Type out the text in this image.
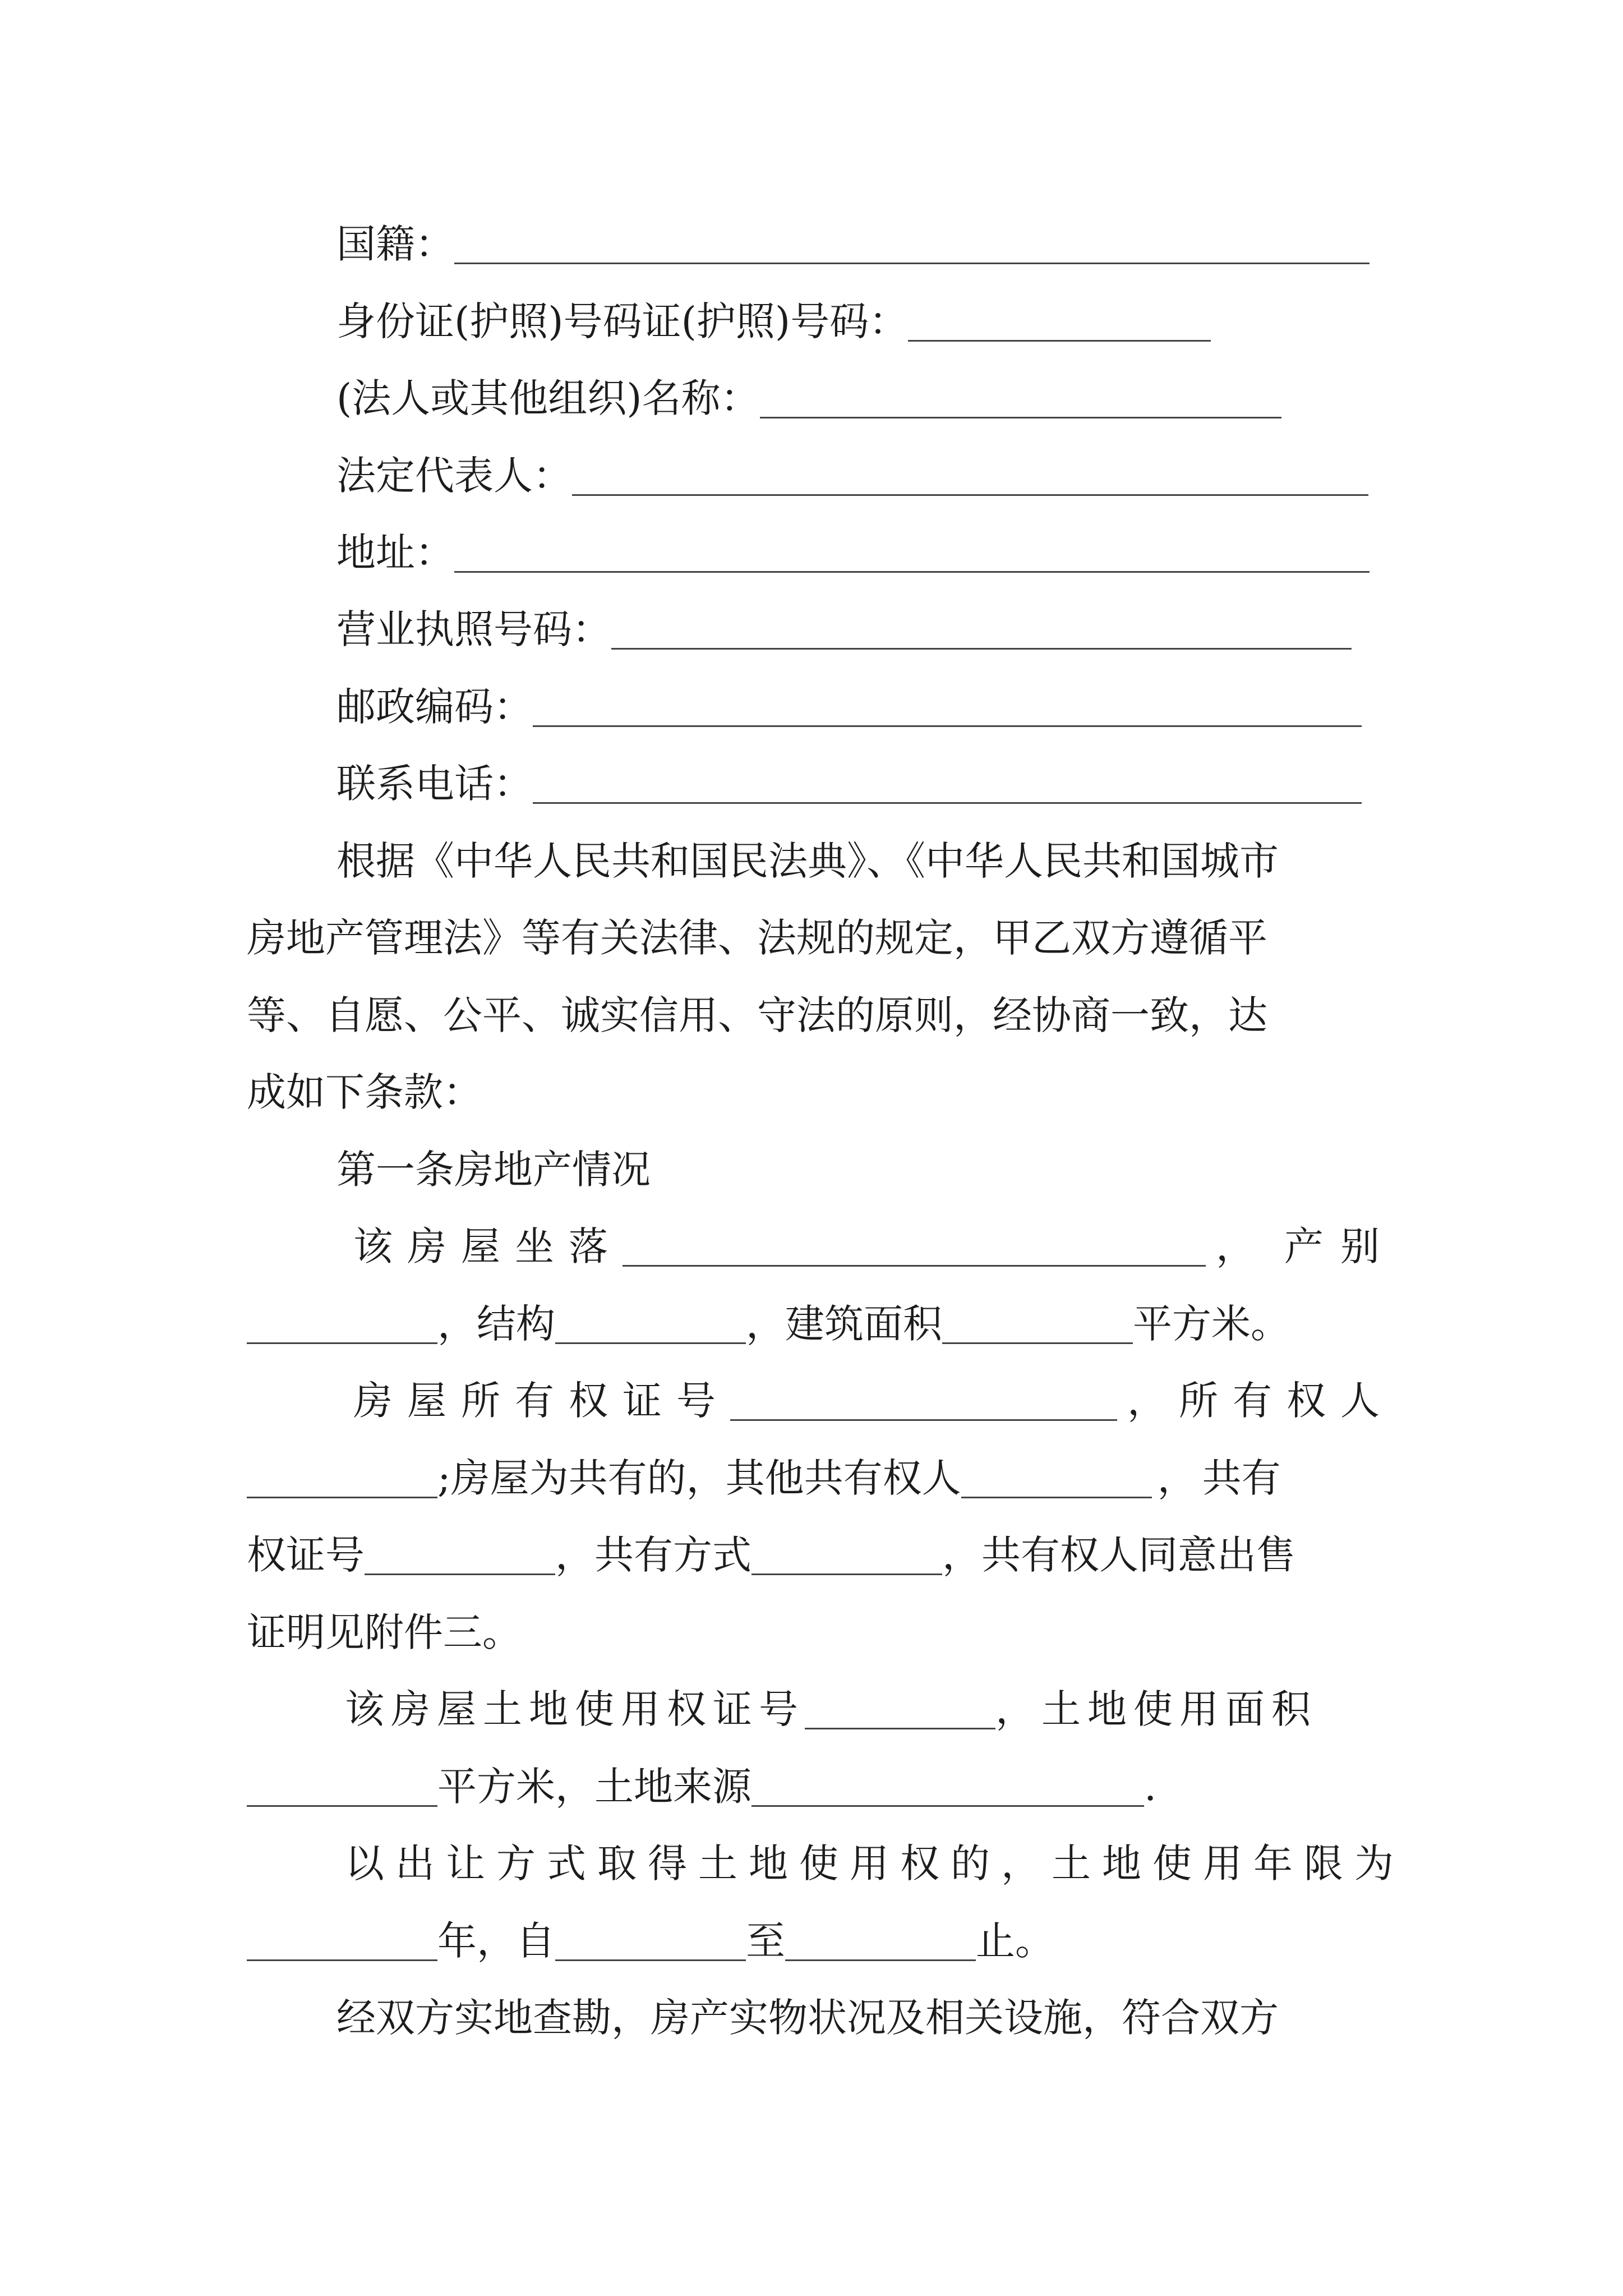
国籍：
身份证(护照)号码证(护照)号码：
(法人或其他组织)名称：
法定代表人：
地址：
营业执照号码：
邮政编码：
联系电话：
根据《中华人民共和国民法典》、《中华人民共和国城市
房地产管理法》等有关法律、法规的规定，甲乙双方遵循平
等、自愿、公平、诚实信用、守法的原则，经协商一致，达
成如下条款：
第一条房地产情况
该房屋坐落	， 产别
，结构	，建筑面积	平方米。
房屋所有权证号	， 所有权人
;房屋为共有的，其他共有权人	， 共有
权证号	，共有方式	，共有权人同意出售
证明见附件三。
该房屋土地使用权证号	，土地使用面积
平方米，土地来源	.
以出让方式取得土地使用权的，土地使用年限为
年，自	至	止。
经双方实地查勘，房产实物状况及相关设施，符合双方
